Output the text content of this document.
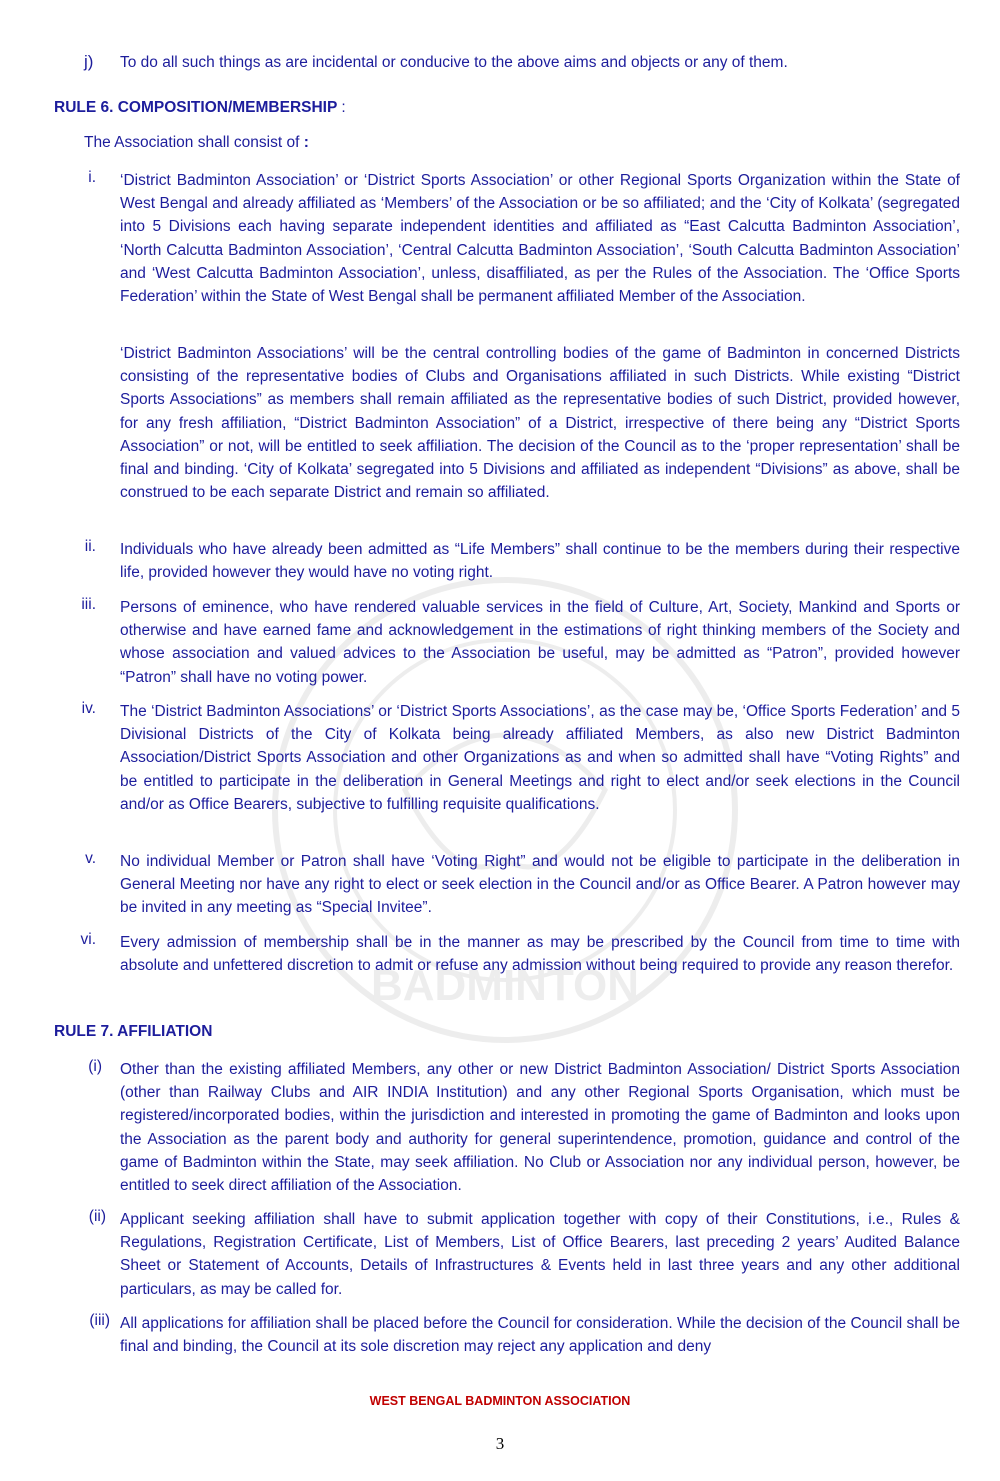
BADMINTON
j) To do all such things as are incidental or conducive to the above aims and objects or any of them.
RULE 6. COMPOSITION/MEMBERSHIP :
The Association shall consist of :
i. ‘District Badminton Association’ or ‘District Sports Association’ or other Regional Sports Organization within the State of West Bengal and already affiliated as ‘Members’ of the Association or be so affiliated; and the ‘City of Kolkata’ (segregated into 5 Divisions each having separate independent identities and affiliated as “East Calcutta Badminton Association’, ‘North Calcutta Badminton Association’, ‘Central Calcutta Badminton Association’, ‘South Calcutta Badminton Association’ and ‘West Calcutta Badminton Association’, unless, disaffiliated, as per the Rules of the Association. The ‘Office Sports Federation’ within the State of West Bengal shall be permanent affiliated Member of the Association.
‘District Badminton Associations’ will be the central controlling bodies of the game of Badminton in concerned Districts consisting of the representative bodies of Clubs and Organisations affiliated in such Districts. While existing “District Sports Associations” as members shall remain affiliated as the representative bodies of such District, provided however, for any fresh affiliation, “District Badminton Association” of a District, irrespective of there being any “District Sports Association” or not, will be entitled to seek affiliation. The decision of the Council as to the ‘proper representation’ shall be final and binding. ‘City of Kolkata’ segregated into 5 Divisions and affiliated as independent “Divisions” as above, shall be construed to be each separate District and remain so affiliated.
ii. Individuals who have already been admitted as “Life Members” shall continue to be the members during their respective life, provided however they would have no voting right.
iii. Persons of eminence, who have rendered valuable services in the field of Culture, Art, Society, Mankind and Sports or otherwise and have earned fame and acknowledgement in the estimations of right thinking members of the Society and whose association and valued advices to the Association be useful, may be admitted as “Patron”, provided however “Patron” shall have no voting power.
iv. The ‘District Badminton Associations’ or ‘District Sports Associations’, as the case may be, ‘Office Sports Federation’ and 5 Divisional Districts of the City of Kolkata being already affiliated Members, as also new District Badminton Association/District Sports Association and other Organizations as and when so admitted shall have “Voting Rights” and be entitled to participate in the deliberation in General Meetings and right to elect and/or seek elections in the Council and/or as Office Bearers, subjective to fulfilling requisite qualifications.
v. No individual Member or Patron shall have ‘Voting Right” and would not be eligible to participate in the deliberation in General Meeting nor have any right to elect or seek election in the Council and/or as Office Bearer. A Patron however may be invited in any meeting as “Special Invitee”.
vi. Every admission of membership shall be in the manner as may be prescribed by the Council from time to time with absolute and unfettered discretion to admit or refuse any admission without being required to provide any reason therefor.
RULE 7. AFFILIATION
(i) Other than the existing affiliated Members, any other or new District Badminton Association/ District Sports Association (other than Railway Clubs and AIR INDIA Institution) and any other Regional Sports Organisation, which must be registered/incorporated bodies, within the jurisdiction and interested in promoting the game of Badminton and looks upon the Association as the parent body and authority for general superintendence, promotion, guidance and control of the game of Badminton within the State, may seek affiliation. No Club or Association nor any individual person, however, be entitled to seek direct affiliation of the Association.
(ii) Applicant seeking affiliation shall have to submit application together with copy of their Constitutions, i.e., Rules & Regulations, Registration Certificate, List of Members, List of Office Bearers, last preceding 2 years’ Audited Balance Sheet or Statement of Accounts, Details of Infrastructures & Events held in last three years and any other additional particulars, as may be called for.
(iii) All applications for affiliation shall be placed before the Council for consideration. While the decision of the Council shall be final and binding, the Council at its sole discretion may reject any application and deny
WEST BENGAL BADMINTON ASSOCIATION
3
